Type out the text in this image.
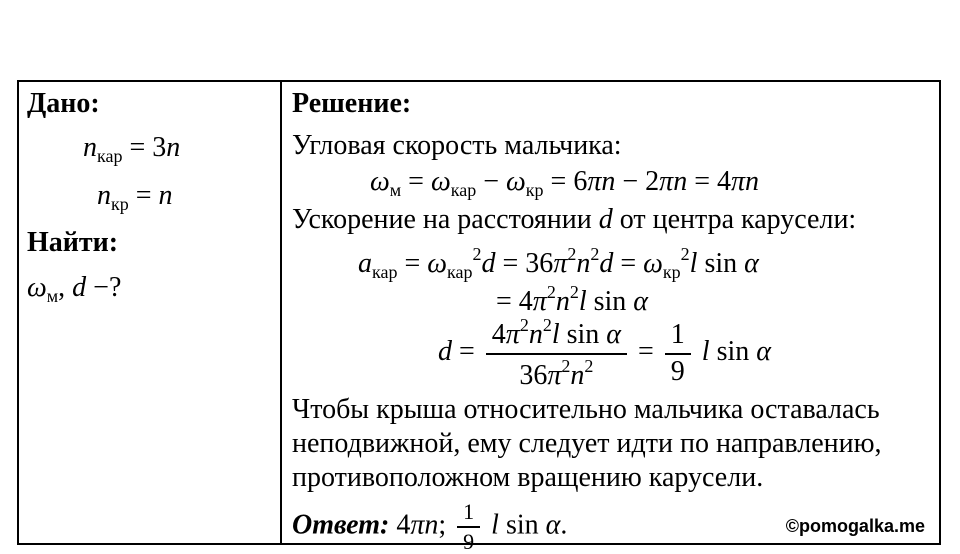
Дано:
$n_{кар} = 3n$
$n_{кр} = n$
Найти:
$\omega_м$, d −?
Решение:
Угловая скорость мальчика:
$\omega_м = \omega_{кар} - \omega_{кр} = 6\pi n - 2\pi n = 4\pi n$
Ускорение на расстоянии d от центра карусели:
$a_{кар} = \omega_{кар}^2d = 36\pi^2n^2d = \omega_{кр}^2l$ sin α
= $4\pi^2n^2l$ sin α
$d = \frac{4\pi^2n^2l \sin \alpha}{36\pi^2n^2} = \frac{1}{9}$ l sin α
Чтобы крыша относительно мальчика оставалась
неподвижной, ему следует идти по направлению,
противоположном вращению карусели.
Ответ: 4πn; $\frac{1}{9}$ l sin α.	©pomogalka.me
